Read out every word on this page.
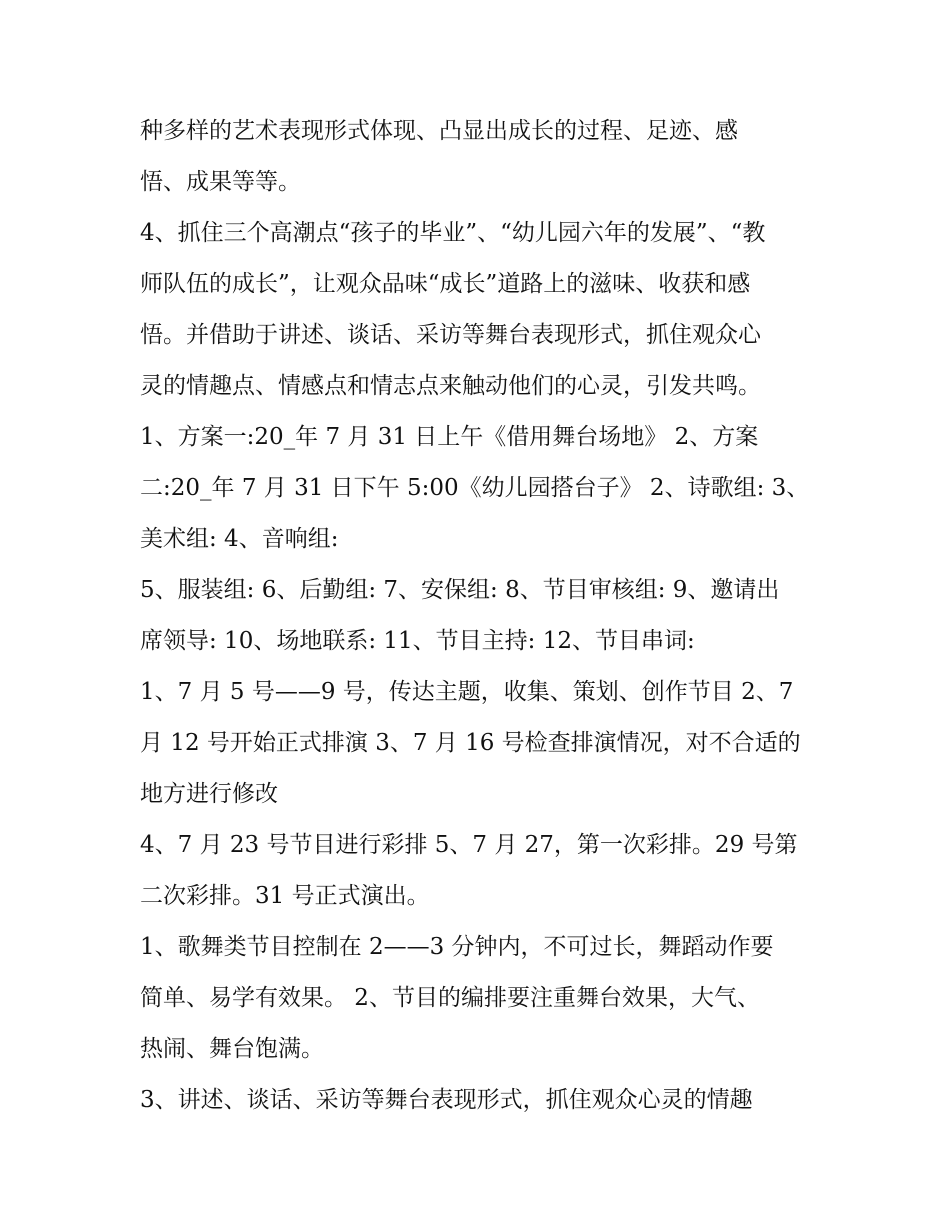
种多样的艺术表现形式体现、凸显出成长的过程、足迹、感
悟、成果等等。
4、抓住三个高潮点“孩子的毕业”、“幼儿园六年的发展”、“教
师队伍的成长”，让观众品味“成长”道路上的滋味、收获和感
悟。并借助于讲述、谈话、采访等舞台表现形式，抓住观众心
灵的情趣点、情感点和情志点来触动他们的心灵，引发共鸣。
1、方案一:20_年 7 月 31 日上午《借用舞台场地》 2、方案
二:20_年 7 月 31 日下午 5:00《幼儿园搭台子》 2、诗歌组: 3、
美术组: 4、音响组:
5、服装组: 6、后勤组: 7、安保组: 8、节目审核组: 9、邀请出
席领导: 10、场地联系: 11、节目主持: 12、节目串词:
1、7 月 5 号——9 号，传达主题，收集、策划、创作节目 2、7
月 12 号开始正式排演 3、7 月 16 号检查排演情况，对不合适的
地方进行修改
4、7 月 23 号节目进行彩排 5、7 月 27，第一次彩排。29 号第
二次彩排。31 号正式演出。
1、歌舞类节目控制在 2——3 分钟内，不可过长，舞蹈动作要
简单、易学有效果。 2、节目的编排要注重舞台效果，大气、
热闹、舞台饱满。
3、讲述、谈话、采访等舞台表现形式，抓住观众心灵的情趣
